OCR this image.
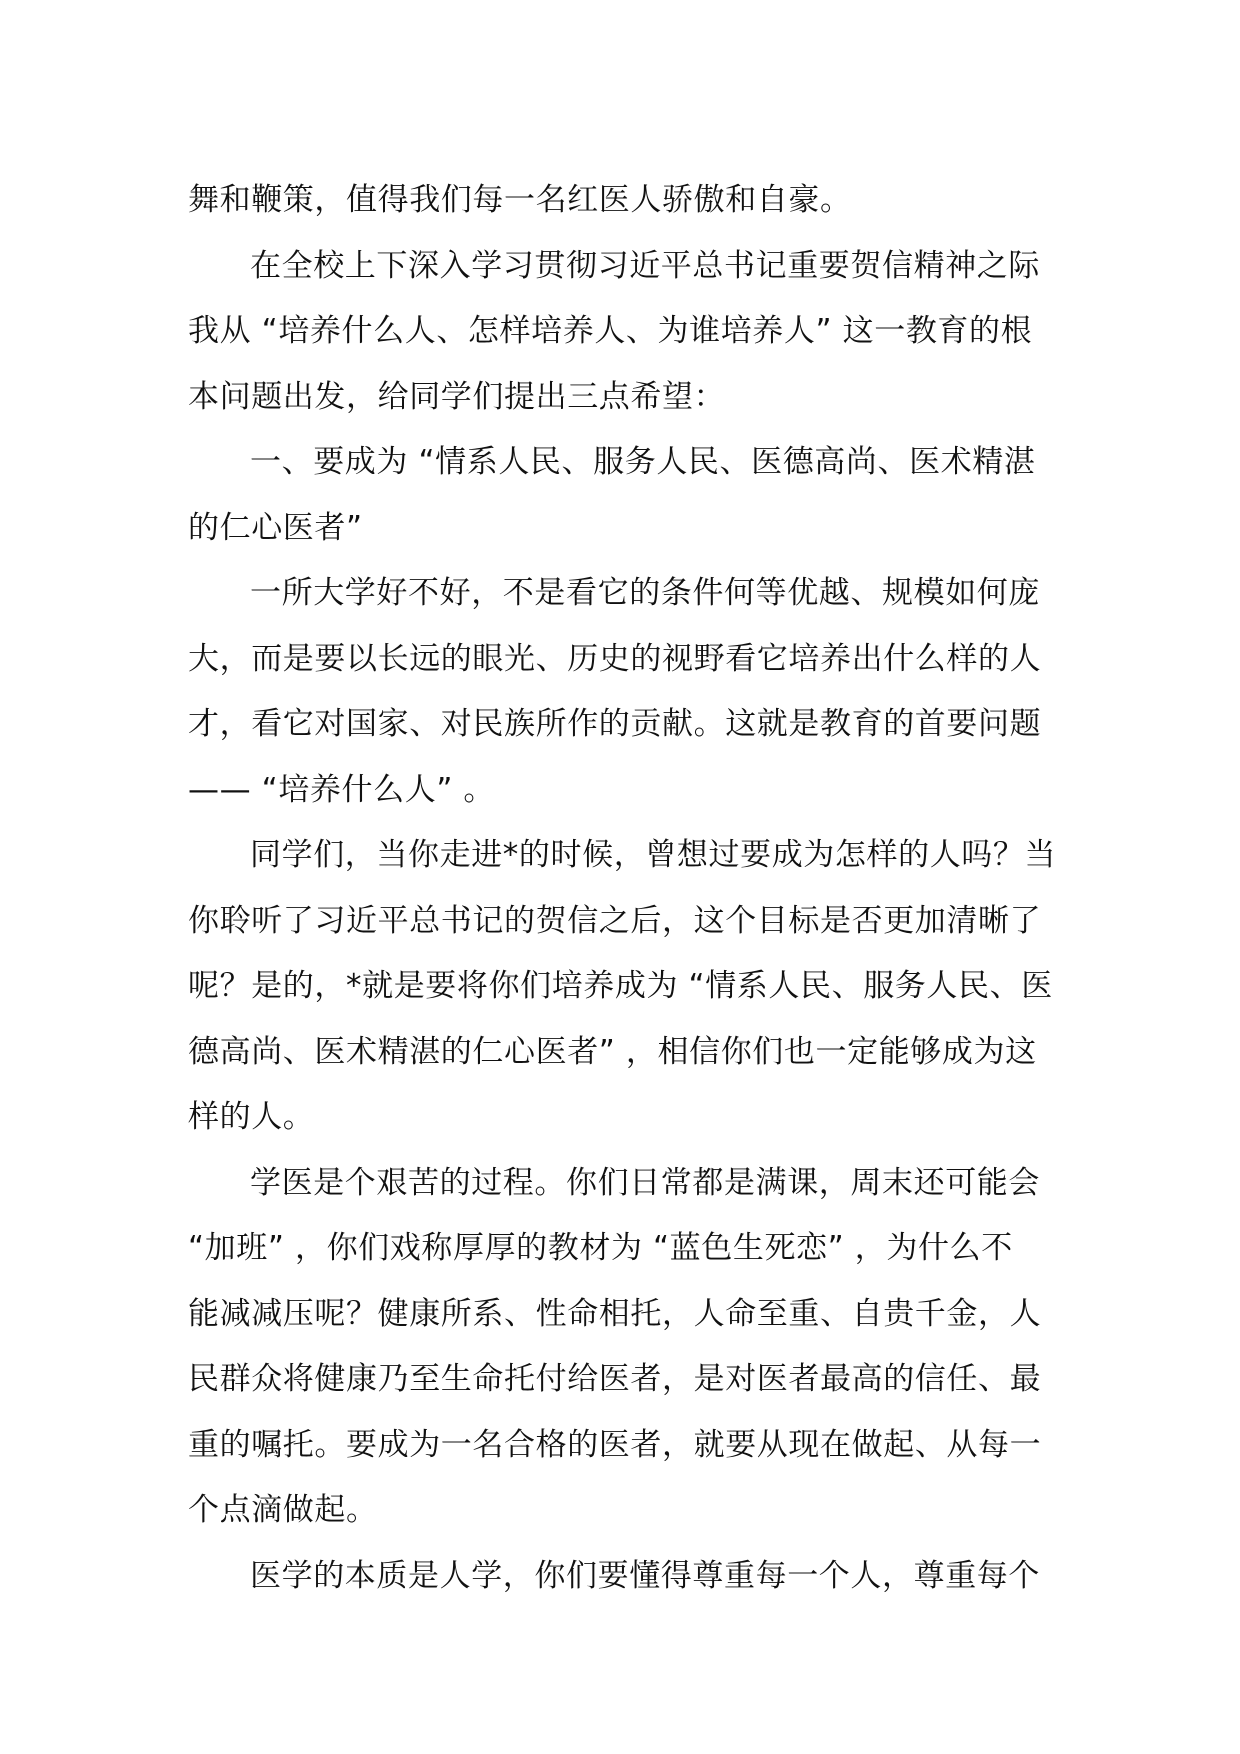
舞和鞭策，值得我们每一名红医人骄傲和自豪。
在全校上下深入学习贯彻习近平总书记重要贺信精神之际
我从 “培养什么人、怎样培养人、为谁培养人” 这一教育的根
本问题出发，给同学们提出三点希望：
一、要成为 “情系人民、服务人民、医德高尚、医术精湛
的仁心医者”
一所大学好不好，不是看它的条件何等优越、规模如何庞
大，而是要以长远的眼光、历史的视野看它培养出什么样的人
才，看它对国家、对民族所作的贡献。这就是教育的首要问题
—— “培养什么人” 。
同学们，当你走进*的时候，曾想过要成为怎样的人吗？当
你聆听了习近平总书记的贺信之后，这个目标是否更加清晰了
呢？是的，*就是要将你们培养成为 “情系人民、服务人民、医
德高尚、医术精湛的仁心医者” ，相信你们也一定能够成为这
样的人。
学医是个艰苦的过程。你们日常都是满课，周末还可能会
“加班” ，你们戏称厚厚的教材为 “蓝色生死恋” ，为什么不
能减减压呢？健康所系、性命相托，人命至重、自贵千金，人
民群众将健康乃至生命托付给医者，是对医者最高的信任、最
重的嘱托。要成为一名合格的医者，就要从现在做起、从每一
个点滴做起。
医学的本质是人学，你们要懂得尊重每一个人，尊重每个
